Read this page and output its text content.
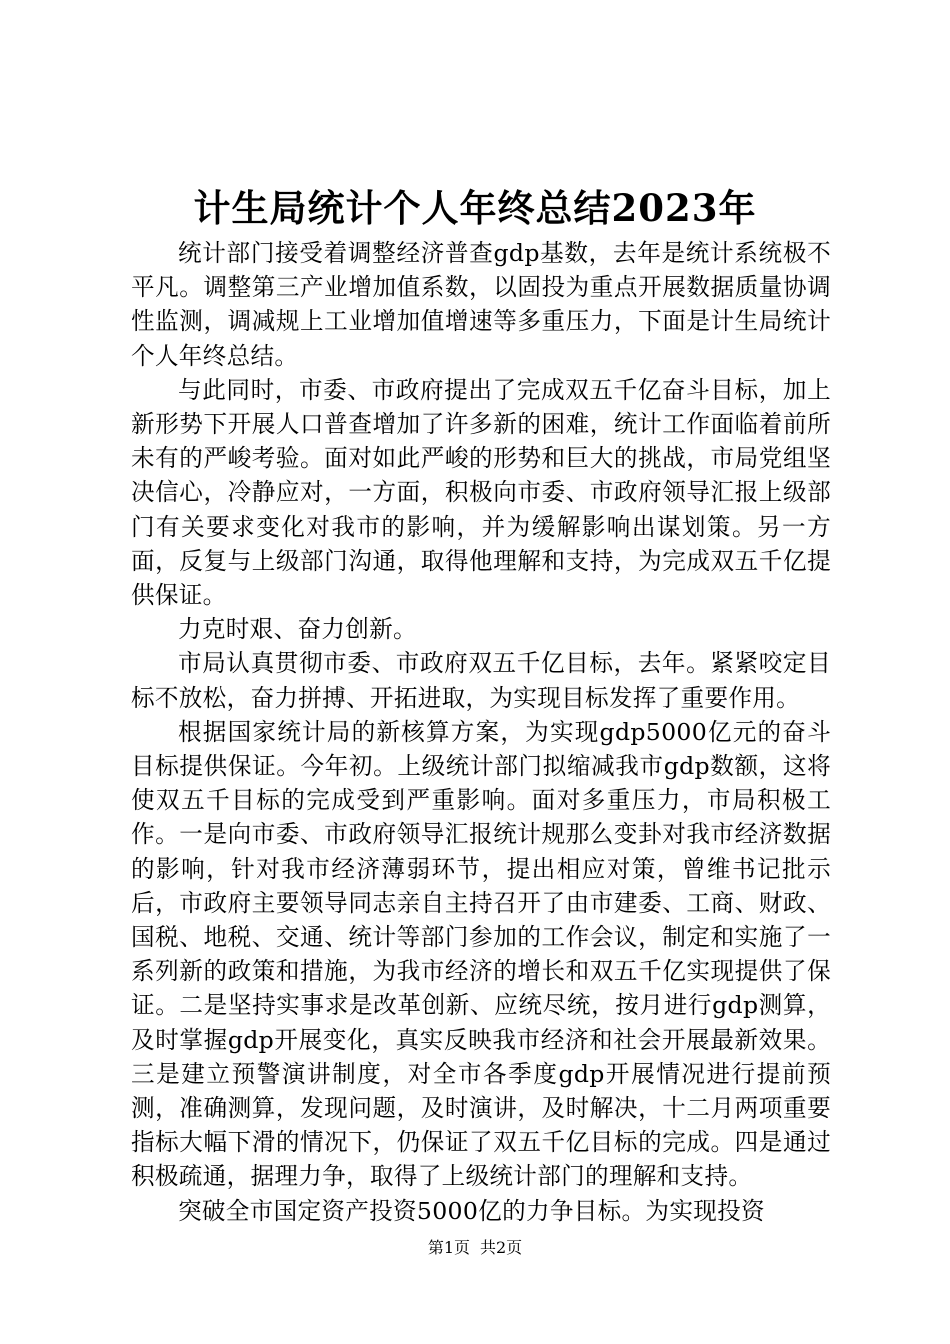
计生局统计个人年终总结2023年

统计部门接受着调整经济普查gdp基数，去年是统计系统极不平凡。调整第三产业增加值系数，以固投为重点开展数据质量协调性监测，调减规上工业增加值增速等多重压力，下面是计生局统计个人年终总结。

与此同时，市委、市政府提出了完成双五千亿奋斗目标，加上新形势下开展人口普查增加了许多新的困难，统计工作面临着前所未有的严峻考验。面对如此严峻的形势和巨大的挑战，市局党组坚决信心，冷静应对，一方面，积极向市委、市政府领导汇报上级部门有关要求变化对我市的影响，并为缓解影响出谋划策。另一方面，反复与上级部门沟通，取得他理解和支持，为完成双五千亿提供保证。

力克时艰、奋力创新。

市局认真贯彻市委、市政府双五千亿目标，去年。紧紧咬定目标不放松，奋力拼搏、开拓进取，为实现目标发挥了重要作用。

根据国家统计局的新核算方案，为实现gdp5000亿元的奋斗目标提供保证。今年初。上级统计部门拟缩减我市gdp数额，这将使双五千目标的完成受到严重影响。面对多重压力，市局积极工作。一是向市委、市政府领导汇报统计规那么变卦对我市经济数据的影响，针对我市经济薄弱环节，提出相应对策，曾维书记批示后，市政府主要领导同志亲自主持召开了由市建委、工商、财政、国税、地税、交通、统计等部门参加的工作会议，制定和实施了一系列新的政策和措施，为我市经济的增长和双五千亿实现提供了保证。二是坚持实事求是改革创新、应统尽统，按月进行gdp测算，及时掌握gdp开展变化，真实反映我市经济和社会开展最新效果。三是建立预警演讲制度，对全市各季度gdp开展情况进行提前预测，准确测算，发现问题，及时演讲，及时解决，十二月两项重要指标大幅下滑的情况下，仍保证了双五千亿目标的完成。四是通过积极疏通，据理力争，取得了上级统计部门的理解和支持。

突破全市国定资产投资5000亿的力争目标。为实现投资

第1页 共2页
